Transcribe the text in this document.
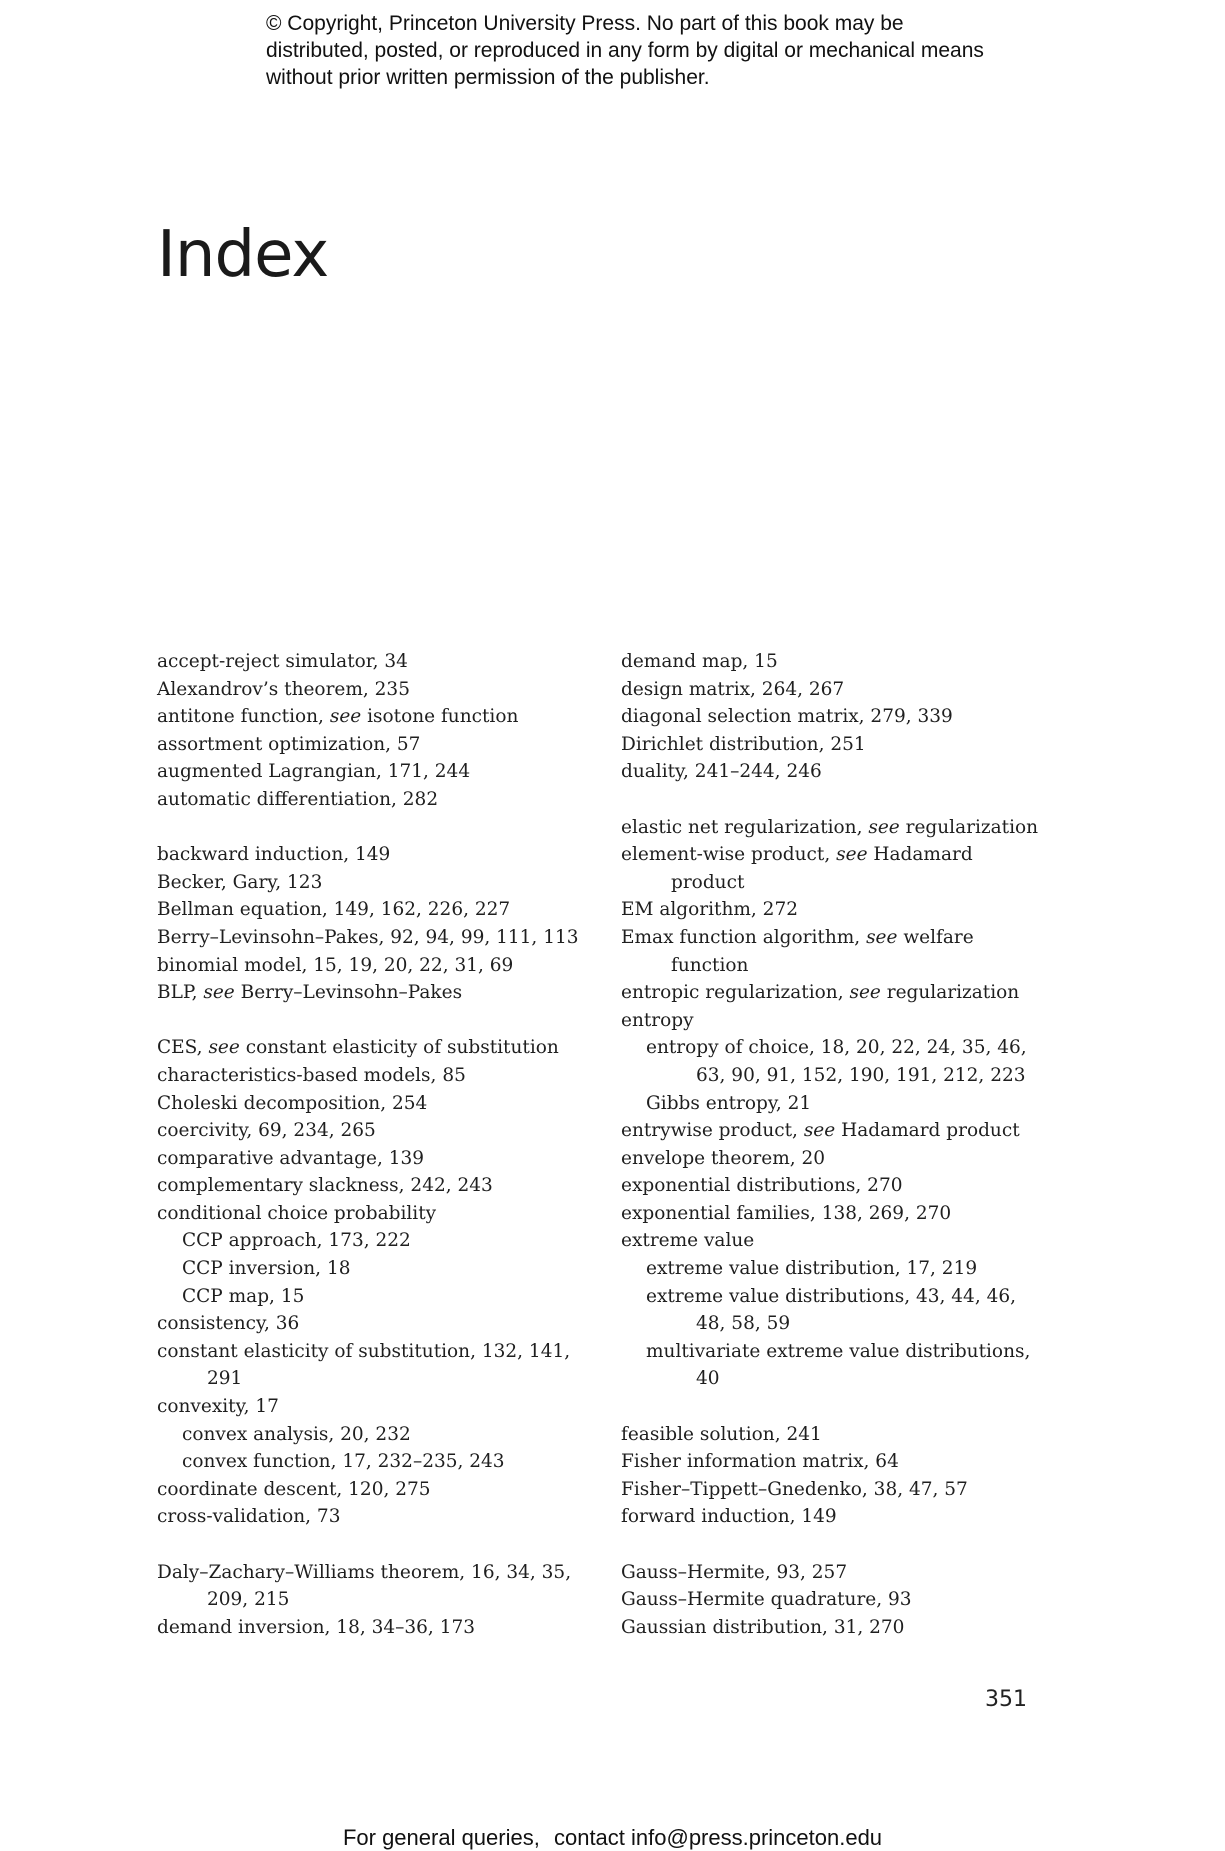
© Copyright, Princeton University Press. No part of this book may be distributed, posted, or reproduced in any form by digital or mechanical means without prior written permission of the publisher.
Index

accept-reject simulator, 34

Alexandrov’s theorem, 235

antitone function, see isotone function

assortment optimization, 57

augmented Lagrangian, 171, 244

automatic differentiation, 282

backward induction, 149

Becker, Gary, 123

Bellman equation, 149, 162, 226, 227

Berry–Levinsohn–Pakes, 92, 94, 99, 111, 113

binomial model, 15, 19, 20, 22, 31, 69

BLP, see Berry–Levinsohn–Pakes

CES, see constant elasticity of substitution

characteristics-based models, 85

Choleski decomposition, 254

coercivity, 69, 234, 265

comparative advantage, 139

complementary slackness, 242, 243

conditional choice probability

CCP approach, 173, 222

CCP inversion, 18

CCP map, 15

consistency, 36

constant elasticity of substitution, 132, 141, 291

convexity, 17

convex analysis, 20, 232

convex function, 17, 232–235, 243

coordinate descent, 120, 275

cross-validation, 73

Daly–Zachary–Williams theorem, 16, 34, 35, 209, 215

demand inversion, 18, 34–36, 173

demand map, 15

design matrix, 264, 267

diagonal selection matrix, 279, 339

Dirichlet distribution, 251

duality, 241–244, 246

elastic net regularization, see regularization

element-wise product, see Hadamard product

EM algorithm, 272

Emax function algorithm, see welfare function

entropic regularization, see regularization

entropy

entropy of choice, 18, 20, 22, 24, 35, 46, 63, 90, 91, 152, 190, 191, 212, 223

Gibbs entropy, 21

entrywise product, see Hadamard product

envelope theorem, 20

exponential distributions, 270

exponential families, 138, 269, 270

extreme value

extreme value distribution, 17, 219

extreme value distributions, 43, 44, 46, 48, 58, 59

multivariate extreme value distributions, 40

feasible solution, 241

Fisher information matrix, 64

Fisher–Tippett–Gnedenko, 38, 47, 57

forward induction, 149

Gauss–Hermite, 93, 257

Gauss–Hermite quadrature, 93

Gaussian distribution, 31, 270

351
For general queries, contact info@press.princeton.edu
